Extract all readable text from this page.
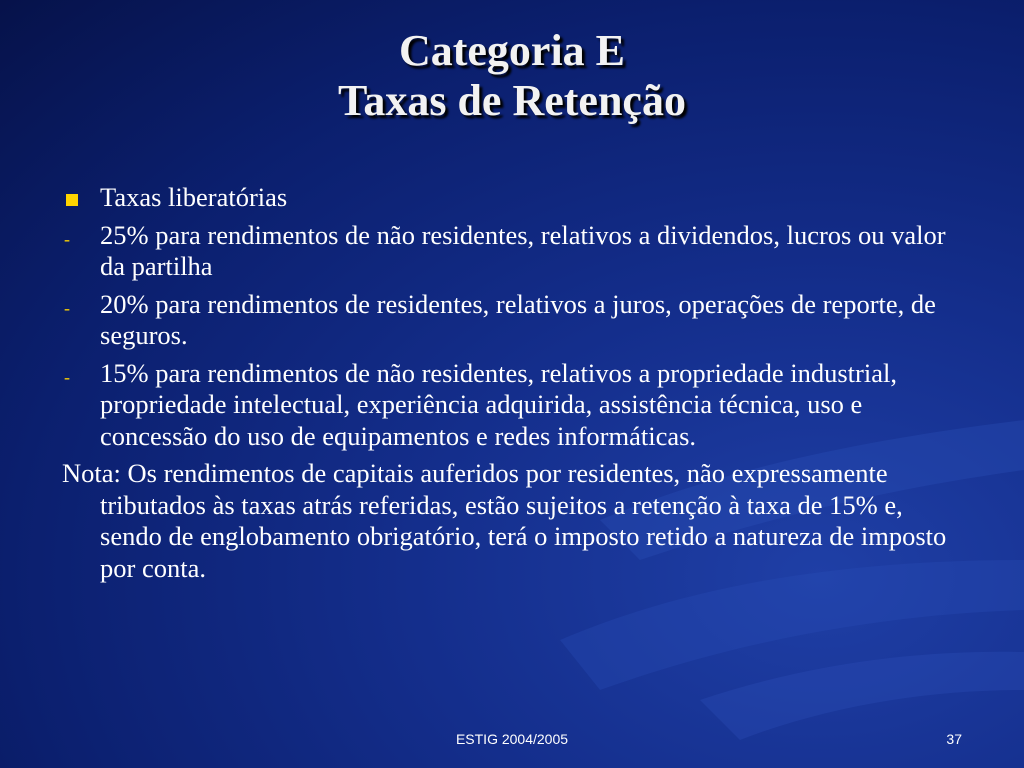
Categoria E
Taxas de Retenção
Taxas liberatórias
- 25% para rendimentos de não residentes, relativos a dividendos, lucros ou valor da partilha
- 20% para rendimentos de residentes, relativos a juros, operações de reporte, de seguros.
- 15% para rendimentos de não residentes, relativos a propriedade industrial, propriedade intelectual, experiência adquirida, assistência técnica, uso e concessão do uso de equipamentos e redes informáticas.
Nota: Os rendimentos de capitais auferidos por residentes, não expressamente tributados às taxas atrás referidas, estão sujeitos a retenção à taxa de 15% e, sendo de englobamento obrigatório, terá o imposto retido a natureza de imposto por conta.
ESTIG 2004/2005	37
